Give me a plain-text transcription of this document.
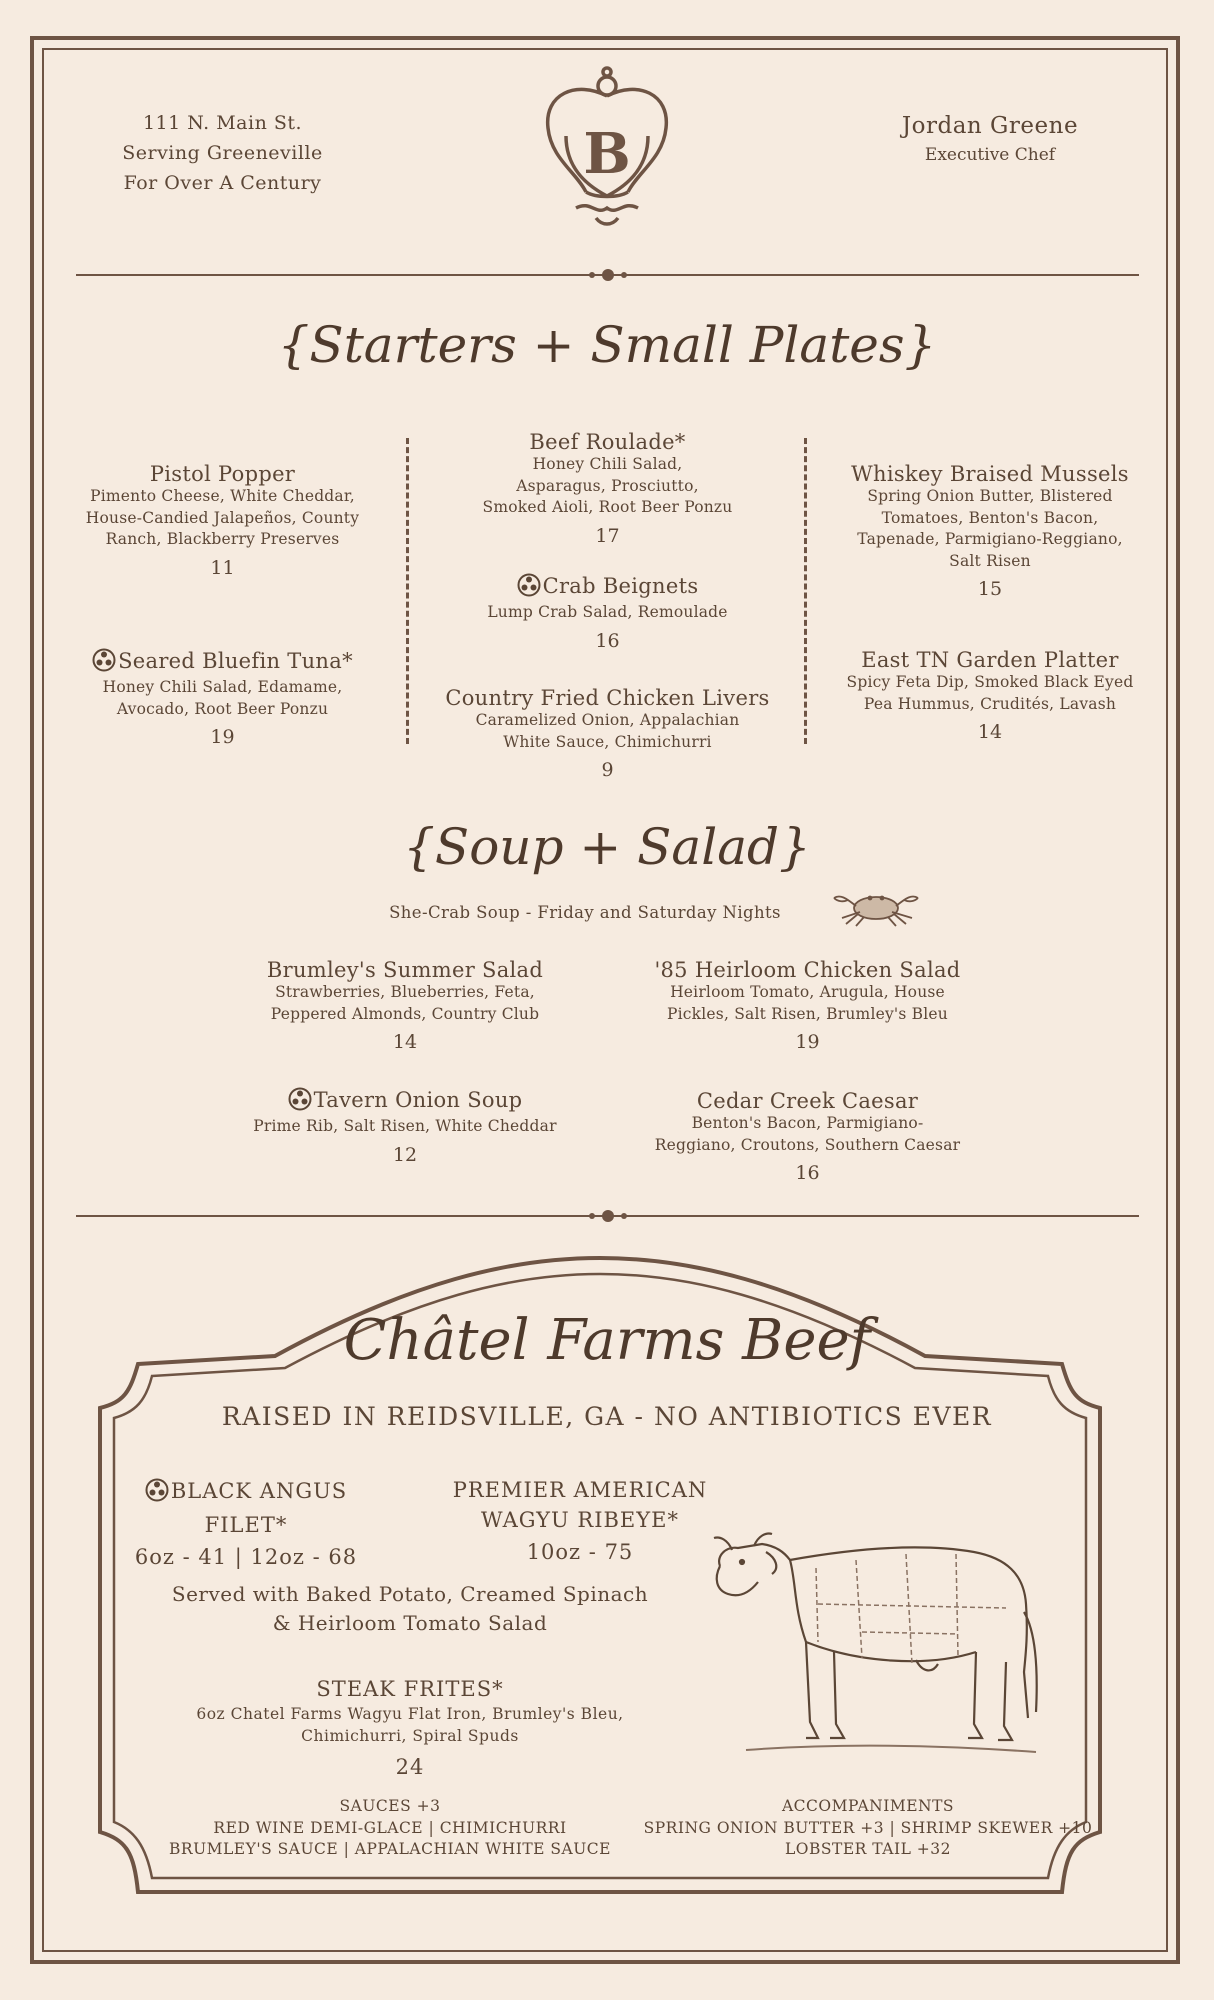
111 N. Main St.
Serving Greeneville
For Over A Century	B	Jordan Greene
Executive Chef
{Starters + Small Plates}
Pistol Popper
Pimento Cheese, White Cheddar,
House-Candied Jalapeños, County
Ranch, Blackberry Preserves
11
Seared Bluefin Tuna*
Honey Chili Salad, Edamame,
Avocado, Root Beer Ponzu
19
Beef Roulade*
Honey Chili Salad,
Asparagus, Prosciutto,
Smoked Aioli, Root Beer Ponzu
17
Crab Beignets
Lump Crab Salad, Remoulade
16
Country Fried Chicken Livers
Caramelized Onion, Appalachian
White Sauce, Chimichurri
9
Whiskey Braised Mussels
Spring Onion Butter, Blistered
Tomatoes, Benton's Bacon,
Tapenade, Parmigiano-Reggiano,
Salt Risen
15
East TN Garden Platter
Spicy Feta Dip, Smoked Black Eyed
Pea Hummus, Crudités, Lavash
14
{Soup + Salad}
She-Crab Soup - Friday and Saturday Nights
Brumley's Summer Salad
Strawberries, Blueberries, Feta,
Peppered Almonds, Country Club
14
'85 Heirloom Chicken Salad
Heirloom Tomato, Arugula, House
Pickles, Salt Risen, Brumley's Bleu
19
Tavern Onion Soup
Prime Rib, Salt Risen, White Cheddar
12
Cedar Creek Caesar
Benton's Bacon, Parmigiano-
Reggiano, Croutons, Southern Caesar
16
Châtel Farms Beef
RAISED IN REIDSVILLE, GA - NO ANTIBIOTICS EVER
BLACK ANGUS
FILET*
6oz - 41 | 12oz - 68
PREMIER AMERICAN
WAGYU RIBEYE*
10oz - 75
Served with Baked Potato, Creamed Spinach
& Heirloom Tomato Salad
STEAK FRITES*
6oz Chatel Farms Wagyu Flat Iron, Brumley's Bleu,
Chimichurri, Spiral Spuds
24
SAUCES +3
RED WINE DEMI-GLACE | CHIMICHURRI
BRUMLEY'S SAUCE | APPALACHIAN WHITE SAUCE
ACCOMPANIMENTS
SPRING ONION BUTTER +3 | SHRIMP SKEWER +10
LOBSTER TAIL +32
